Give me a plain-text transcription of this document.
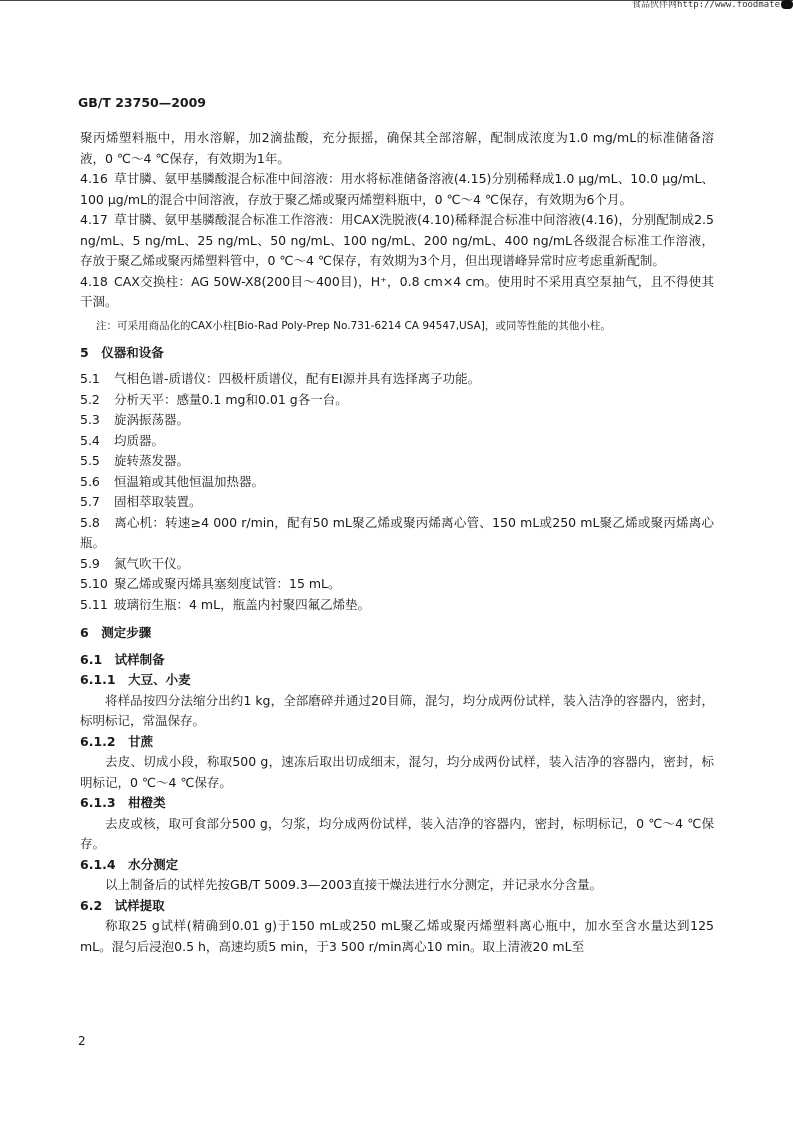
食品伙伴网http://www.foodmate
GB/T 23750—2009

聚丙烯塑料瓶中，用水溶解，加2滴盐酸，充分振摇，确保其全部溶解，配制成浓度为1.0 mg/mL的标准储备溶液，0 ℃～4 ℃保存，有效期为1年。

4.16 草甘膦、氨甲基膦酸混合标准中间溶液：用水将标准储备溶液(4.15)分别稀释成1.0 μg/mL、10.0 μg/mL、100 μg/mL的混合中间溶液，存放于聚乙烯或聚丙烯塑料瓶中，0 ℃～4 ℃保存，有效期为6个月。

4.17 草甘膦、氨甲基膦酸混合标准工作溶液：用CAX洗脱液(4.10)稀释混合标准中间溶液(4.16)，分别配制成2.5 ng/mL、5 ng/mL、25 ng/mL、50 ng/mL、100 ng/mL、200 ng/mL、400 ng/mL各级混合标准工作溶液，存放于聚乙烯或聚丙烯塑料管中，0 ℃～4 ℃保存，有效期为3个月，但出现谱峰异常时应考虑重新配制。

4.18 CAX交换柱：AG 50W-X8(200目～400目)，H⁺，0.8 cm×4 cm。使用时不采用真空泵抽气，且不得使其干涸。

注：可采用商品化的CAX小柱[Bio-Rad Poly-Prep No.731-6214 CA 94547,USA]，或同等性能的其他小柱。

5　仪器和设备

5.1 气相色谱-质谱仪：四极杆质谱仪，配有EI源并具有选择离子功能。

5.2 分析天平：感量0.1 mg和0.01 g各一台。

5.3 旋涡振荡器。

5.4 均质器。

5.5 旋转蒸发器。

5.6 恒温箱或其他恒温加热器。

5.7 固相萃取装置。

5.8 离心机：转速≥4 000 r/min，配有50 mL聚乙烯或聚丙烯离心管、150 mL或250 mL聚乙烯或聚丙烯离心瓶。

5.9 氮气吹干仪。

5.10 聚乙烯或聚丙烯具塞刻度试管：15 mL。

5.11 玻璃衍生瓶：4 mL，瓶盖内衬聚四氟乙烯垫。

6　测定步骤

6.1　试样制备

6.1.1　大豆、小麦

将样品按四分法缩分出约1 kg，全部磨碎并通过20目筛，混匀，均分成两份试样，装入洁净的容器内，密封，标明标记，常温保存。

6.1.2　甘蔗

去皮、切成小段，称取500 g，速冻后取出切成细末，混匀，均分成两份试样，装入洁净的容器内，密封，标明标记，0 ℃～4 ℃保存。

6.1.3　柑橙类

去皮或核，取可食部分500 g，匀浆，均分成两份试样，装入洁净的容器内，密封，标明标记，0 ℃～4 ℃保存。

6.1.4　水分测定

以上制备后的试样先按GB/T 5009.3—2003直接干燥法进行水分测定，并记录水分含量。

6.2　试样提取

称取25 g试样(精确到0.01 g)于150 mL或250 mL聚乙烯或聚丙烯塑料离心瓶中，加水至含水量达到125 mL。混匀后浸泡0.5 h，高速均质5 min，于3 500 r/min离心10 min。取上清液20 mL至

2
